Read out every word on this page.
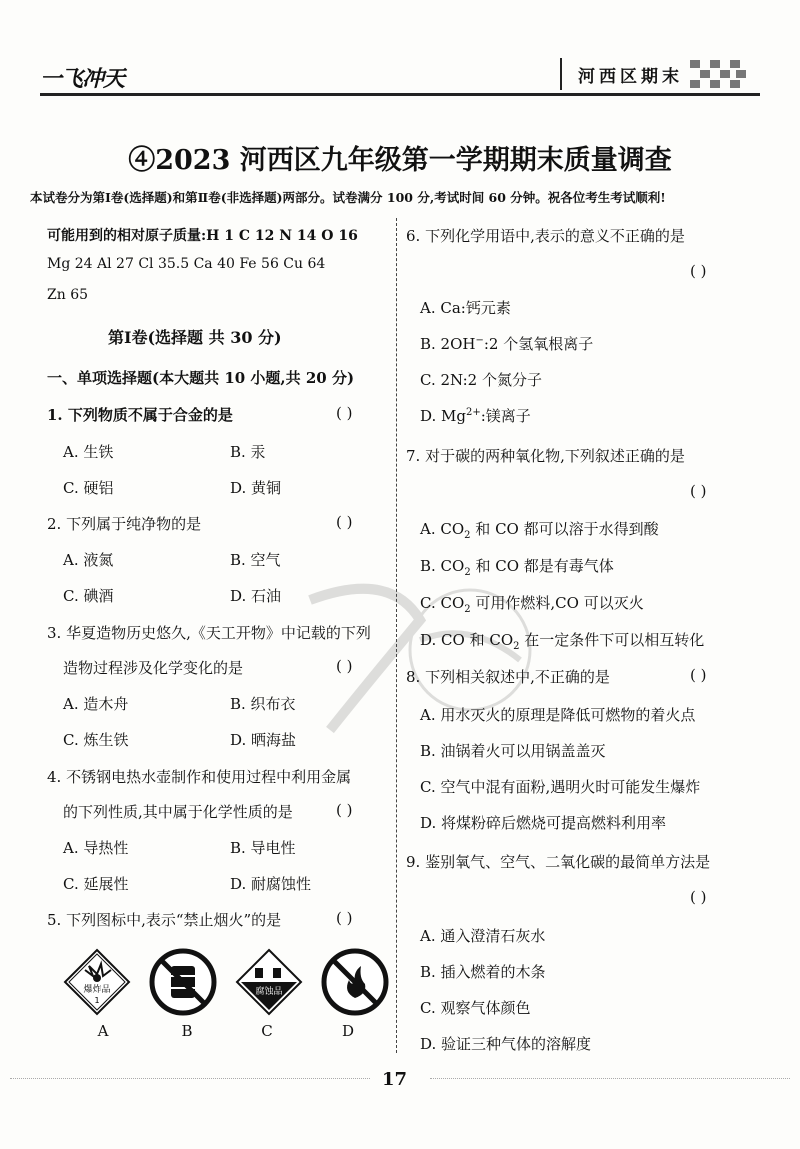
一飞冲天	河西区期末
④2023 河西区九年级第一学期期末质量调查
本试卷分为第Ⅰ卷(选择题)和第Ⅱ卷(非选择题)两部分。试卷满分 100 分,考试时间 60 分钟。祝各位考生考试顺利!
可能用到的相对原子质量:H 1 C 12 N 14 O 16
Mg 24 Al 27 Cl 35.5 Ca 40 Fe 56 Cu 64
Zn 65
第Ⅰ卷(选择题 共 30 分)
一、单项选择题(本大题共 10 小题,共 20 分)
1. 下列物质不属于合金的是	( )
A. 生铁	B. 汞
C. 硬铝	D. 黄铜
2. 下列属于纯净物的是	( )
A. 液氮	B. 空气
C. 碘酒	D. 石油
3. 华夏造物历史悠久,《天工开物》中记载的下列
造物过程涉及化学变化的是	( )
A. 造木舟	B. 织布衣
C. 炼生铁	D. 晒海盐
4. 不锈钢电热水壶制作和使用过程中利用金属
的下列性质,其中属于化学性质的是	( )
A. 导热性	B. 导电性
C. 延展性	D. 耐腐蚀性
5. 下列图标中,表示“禁止烟火”的是	( )
爆炸品
1
腐蚀品
A	B	C	D
6. 下列化学用语中,表示的意义不正确的是
( )
A. Ca:钙元素
B. 2OH−:2 个氢氧根离子
C. 2N:2 个氮分子
D. $Mg^{2+}$:镁离子
7. 对于碳的两种氧化物,下列叙述正确的是
( )
A. $CO_2$ 和 CO 都可以溶于水得到酸
B. $CO_2$ 和 CO 都是有毒气体
C. $CO_2$ 可用作燃料,CO 可以灭火
D. CO 和 $CO_2$ 在一定条件下可以相互转化
8. 下列相关叙述中,不正确的是	( )
A. 用水灭火的原理是降低可燃物的着火点
B. 油锅着火可以用锅盖盖灭
C. 空气中混有面粉,遇明火时可能发生爆炸
D. 将煤粉碎后燃烧可提高燃料利用率
9. 鉴别氧气、空气、二氧化碳的最简单方法是
( )
A. 通入澄清石灰水
B. 插入燃着的木条
C. 观察气体颜色
D. 验证三种气体的溶解度
17
